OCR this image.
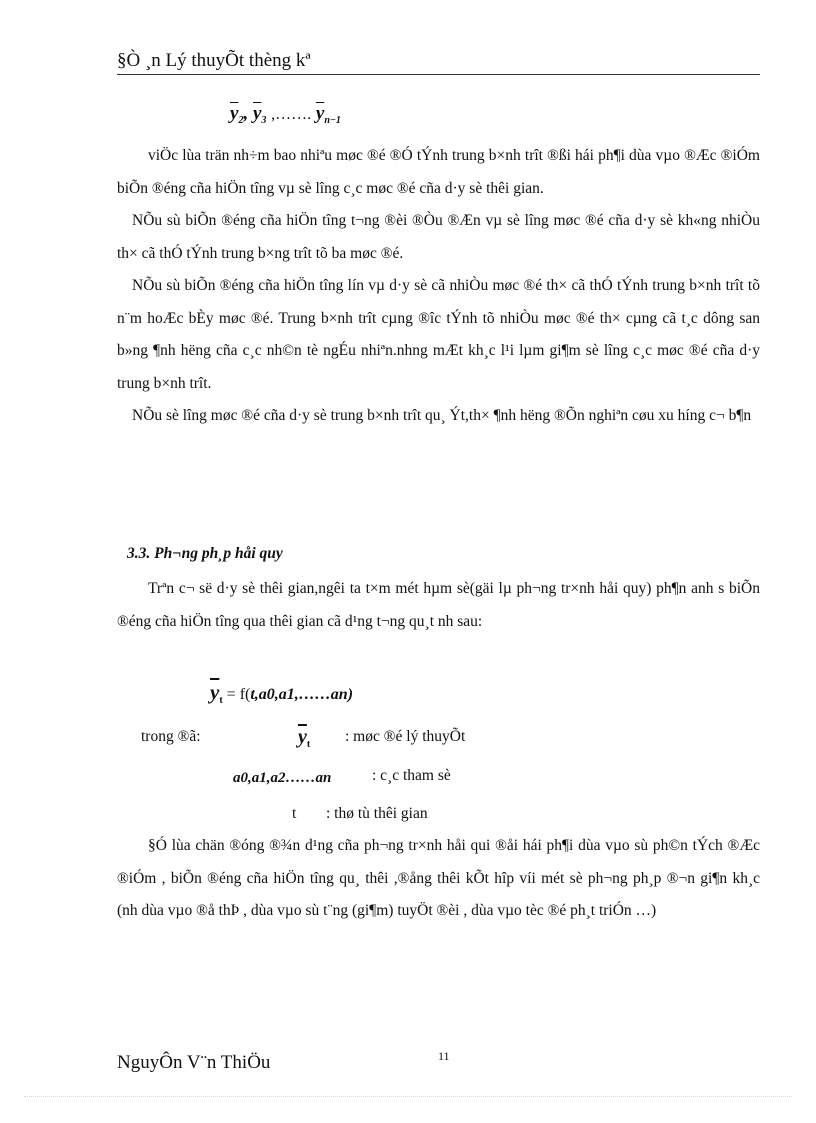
§Ò ¸n Lý thuyÕt thèng kª
$\overline{y}_2$, $\overline{y}_3$ ,……. $\overline{y}_{n-1}$

viÖc lùa trän nh÷m bao nhiªu møc ®é ®Ó tÝnh trung b×nh trît ®ßi hái ph¶i dùa vµo ®Æc ®iÓm biÕn ®éng cña hiÖn tîng vµ sè lîng c¸c møc ®é cña d·y sè thêi gian.

NÕu sù biÕn ®éng cña hiÖn tîng t¬ng ®èi ®Òu ®Æn vµ sè lîng møc ®é cña d·y sè kh«ng nhiÒu th× cã thÓ tÝnh trung b×ng trît tõ ba møc ®é.

NÕu sù biÕn ®éng cña hiÖn tîng lín vµ d·y sè cã nhiÒu møc ®é th× cã thÓ tÝnh trung b×nh trît tõ n¨m hoÆc bÈy møc ®é. Trung b×nh trît cµng ®îc tÝnh tõ nhiÒu møc ®é th× cµng cã t¸c dông san b»ng ¶nh hëng cña c¸c nh©n tè ngÉu nhiªn.nhng mÆt kh¸c l¹i lµm gi¶m sè lîng c¸c møc ®é cña d·y trung b×nh trît.

NÕu sè lîng møc ®é cña d·y sè trung b×nh trît qu¸ Ýt,th× ¶nh hëng ®Õn nghiªn cøu xu híng c¬ b¶n

3.3. Ph¬ng ph¸p håi quy

Trªn c¬ së d·y sè thêi gian,ngêi ta t×m mét hµm sè(gäi lµ ph¬ng tr×nh håi quy) ph¶n anh s biÕn ®éng cña hiÖn tîng qua thêi gian cã d¹ng t¬ng qu¸t nh sau:

$\overline{y}_t$ = f(t,a0,a1,……an)
trong ®ã:	$\overline{y}_t$ : møc ®é lý thuyÕt
a0,a1,a2……an	: c¸c tham sè
t : thø tù thêi gian

§Ó lùa chän ®óng ®¾n d¹ng cña ph¬ng tr×nh håi qui ®åi hái ph¶i dùa vµo sù ph©n tÝch ®Æc ®iÓm , biÕn ®éng cña hiÖn tîng qu¸ thêi ,®ång thêi kÕt hîp víi mét sè ph¬ng ph¸p ®¬n gi¶n kh¸c (nh dùa vµo ®å thÞ , dùa vµo sù t¨ng (gi¶m) tuyÖt ®èi , dùa vµo tèc ®é ph¸t triÓn …)

NguyÔn V¨n ThiÖu	11
